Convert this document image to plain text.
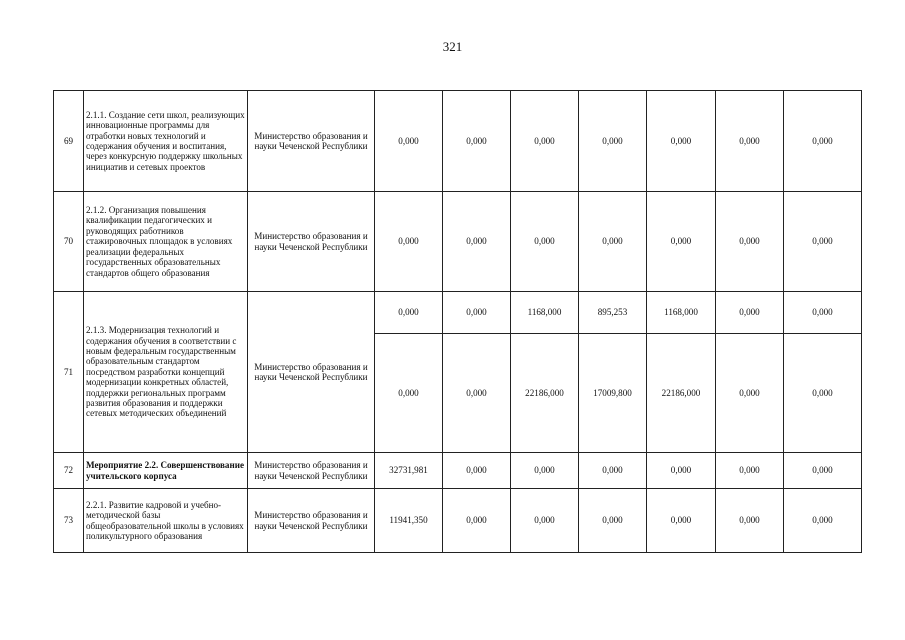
321
69	2.1.1. Создание сети школ, реализующих инновационные программы для отработки новых технологий и содержания обучения и воспитания, через конкурсную поддержку школьных инициатив и сетевых проектов	Министерство образования и науки Чеченской Республики	0,000	0,000	0,000	0,000	0,000	0,000	0,000
70	2.1.2. Организация повышения квалификации педагогических и руководящих работников стажировочных площадок в условиях реализации федеральных государственных образовательных стандартов общего образования	Министерство образования и науки Чеченской Республики	0,000	0,000	0,000	0,000	0,000	0,000	0,000
71	2.1.3. Модернизация технологий и содержания обучения в соответствии с новым федеральным государственным образовательным стандартом посредством разработки концепций модернизации конкретных областей, поддержки региональных программ развития образования и поддержки сетевых методических объединений	Министерство образования и науки Чеченской Республики	0,000	0,000	1168,000	895,253	1168,000	0,000	0,000
			0,000	0,000	22186,000	17009,800	22186,000	0,000	0,000
72	Мероприятие 2.2. Совершенствование учительского корпуса	Министерство образования и науки Чеченской Республики	32731,981	0,000	0,000	0,000	0,000	0,000	0,000
73	2.2.1. Развитие кадровой и учебно-методической базы общеобразовательной школы в условиях поликультурного образования	Министерство образования и науки Чеченской Республики	11941,350	0,000	0,000	0,000	0,000	0,000	0,000
